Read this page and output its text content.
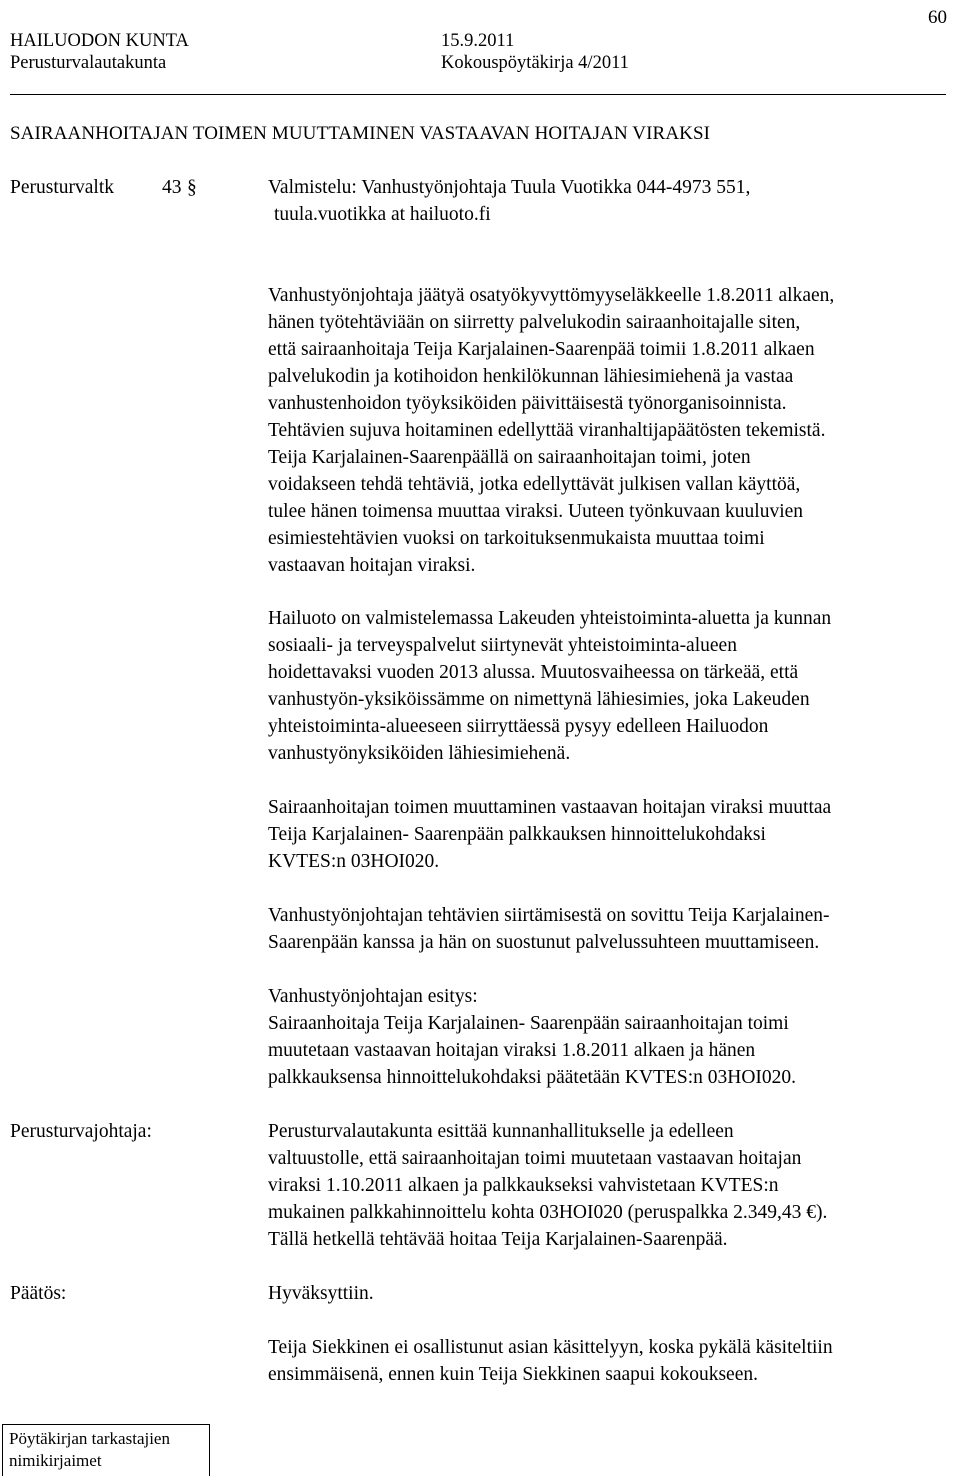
60
HAILUODON KUNTA	15.9.2011
Perusturvalautakunta	Kokouspöytäkirja 4/2011
SAIRAANHOITAJAN TOIMEN MUUTTAMINEN VASTAAVAN HOITAJAN VIRAKSI
Perusturvaltk 43 §	Valmistelu: Vanhustyönjohtaja Tuula Vuotikka 044-4973 551,
tuula.vuotikka at hailuoto.fi
Vanhustyönjohtaja jäätyä osatyökyvyttömyyseläkkeelle 1.8.2011 alkaen,
hänen työtehtäviään on siirretty palvelukodin sairaanhoitajalle siten,
että sairaanhoitaja Teija Karjalainen-Saarenpää toimii 1.8.2011 alkaen
palvelukodin ja kotihoidon henkilökunnan lähiesimiehenä ja vastaa
vanhustenhoidon työyksiköiden päivittäisestä työnorganisoinnista.
Tehtävien sujuva hoitaminen edellyttää viranhaltijapäätösten tekemistä.
Teija Karjalainen-Saarenpäällä on sairaanhoitajan toimi, joten
voidakseen tehdä tehtäviä, jotka edellyttävät julkisen vallan käyttöä,
tulee hänen toimensa muuttaa viraksi. Uuteen työnkuvaan kuuluvien
esimiestehtävien vuoksi on tarkoituksenmukaista muuttaa toimi
vastaavan hoitajan viraksi.
Hailuoto on valmistelemassa Lakeuden yhteistoiminta-aluetta ja kunnan
sosiaali- ja terveyspalvelut siirtynevät yhteistoiminta-alueen
hoidettavaksi vuoden 2013 alussa. Muutosvaiheessa on tärkeää, että
vanhustyön-yksiköissämme on nimettynä lähiesimies, joka Lakeuden
yhteistoiminta-alueeseen siirryttäessä pysyy edelleen Hailuodon
vanhustyönyksiköiden lähiesimiehenä.
Sairaanhoitajan toimen muuttaminen vastaavan hoitajan viraksi muuttaa
Teija Karjalainen- Saarenpään palkkauksen hinnoittelukohdaksi
KVTES:n 03HOI020.
Vanhustyönjohtajan tehtävien siirtämisestä on sovittu Teija Karjalainen-
Saarenpään kanssa ja hän on suostunut palvelussuhteen muuttamiseen.
Vanhustyönjohtajan esitys:
Sairaanhoitaja Teija Karjalainen- Saarenpään sairaanhoitajan toimi
muutetaan vastaavan hoitajan viraksi 1.8.2011 alkaen ja hänen
palkkauksensa hinnoittelukohdaksi päätetään KVTES:n 03HOI020.
Perusturvajohtaja:	Perusturvalautakunta esittää kunnanhallitukselle ja edelleen
valtuustolle, että sairaanhoitajan toimi muutetaan vastaavan hoitajan
viraksi 1.10.2011 alkaen ja palkkaukseksi vahvistetaan KVTES:n
mukainen palkkahinnoittelu kohta 03HOI020 (peruspalkka 2.349,43 €).
Tällä hetkellä tehtävää hoitaa Teija Karjalainen-Saarenpää.
Päätös:	Hyväksyttiin.
Teija Siekkinen ei osallistunut asian käsittelyyn, koska pykälä käsiteltiin
ensimmäisenä, ennen kuin Teija Siekkinen saapui kokoukseen.
Pöytäkirjan tarkastajien
nimikirjaimet
